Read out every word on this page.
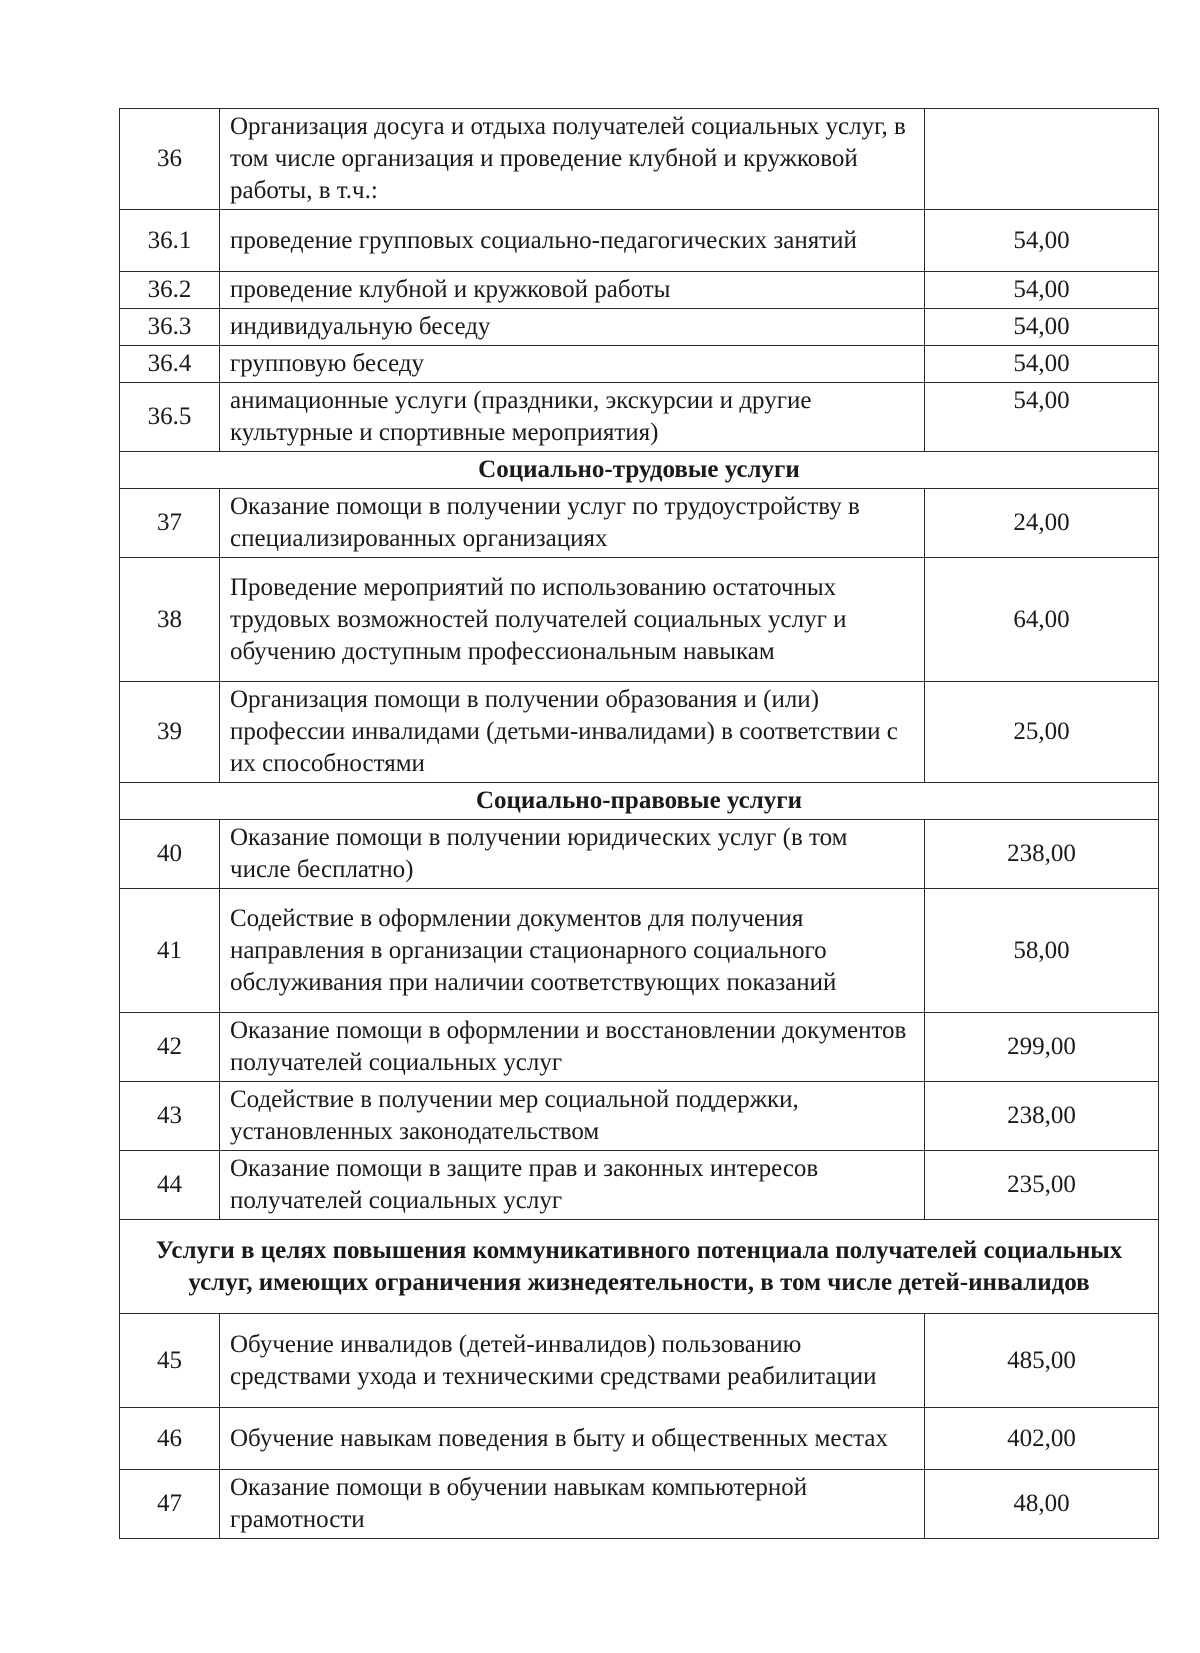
36	Организация досуга и отдыха получателей социальных услуг, в том числе организация и проведение клубной и кружковой работы, в т.ч.:	
36.1	проведение групповых социально-педагогических занятий	54,00
36.2	проведение клубной и кружковой работы	54,00
36.3	индивидуальную беседу	54,00
36.4	групповую беседу	54,00
36.5	анимационные услуги (праздники, экскурсии и другие культурные и спортивные мероприятия)	54,00
Социально-трудовые услуги		
37	Оказание помощи в получении услуг по трудоустройству в специализированных организациях	24,00
38	Проведение мероприятий по использованию остаточных трудовых возможностей получателей социальных услуг и обучению доступным профессиональным навыкам	64,00
39	Организация помощи в получении образования и (или) профессии инвалидами (детьми-инвалидами) в соответствии с их способностями	25,00
Социально-правовые услуги		
40	Оказание помощи в получении юридических услуг (в том числе бесплатно)	238,00
41	Содействие в оформлении документов для получения направления в организации стационарного социального обслуживания при наличии соответствующих показаний	58,00
42	Оказание помощи в оформлении и восстановлении документов получателей социальных услуг	299,00
43	Содействие в получении мер социальной поддержки, установленных законодательством	238,00
44	Оказание помощи в защите прав и законных интересов получателей социальных услуг	235,00
Услуги в целях повышения коммуникативного потенциала получателей социальных услуг, имеющих ограничения жизнедеятельности, в том числе детей-инвалидов		
45	Обучение инвалидов (детей-инвалидов) пользованию средствами ухода и техническими средствами реабилитации	485,00
46	Обучение навыкам поведения в быту и общественных местах	402,00
47	Оказание помощи в обучении навыкам компьютерной грамотности	48,00
